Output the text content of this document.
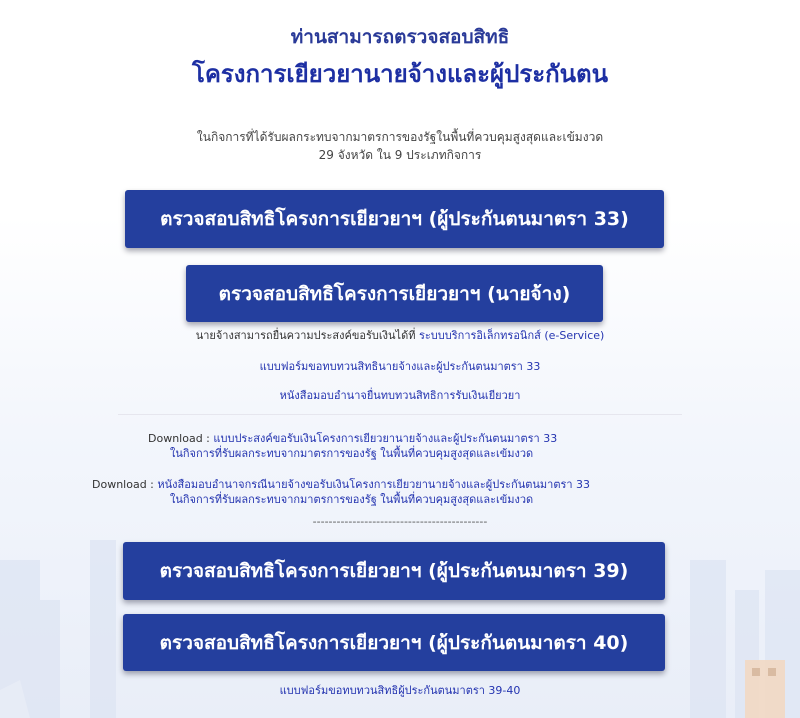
ท่านสามารถตรวจสอบสิทธิ
โครงการเยียวยานายจ้างและผู้ประกันตน
ในกิจการที่ได้รับผลกระทบจากมาตรการของรัฐในพื้นที่ควบคุมสูงสุดและเข้มงวด
29 จังหวัด ใน 9 ประเภทกิจการ
ตรวจสอบสิทธิโครงการเยียวยาฯ (ผู้ประกันตนมาตรา 33)
ตรวจสอบสิทธิโครงการเยียวยาฯ (นายจ้าง)
นายจ้างสามารถยื่นความประสงค์ขอรับเงินได้ที่ ระบบบริการอิเล็กทรอนิกส์ (e-Service)
แบบฟอร์มขอทบทวนสิทธินายจ้างและผู้ประกันตนมาตรา 33
หนังสือมอบอำนาจยื่นทบทวนสิทธิการรับเงินเยียวยา
Download : แบบประสงค์ขอรับเงินโครงการเยียวยานายจ้างและผู้ประกันตนมาตรา 33
ในกิจการที่รับผลกระทบจากมาตรการของรัฐ ในพื้นที่ควบคุมสูงสุดและเข้มงวด
Download : หนังสือมอบอำนาจกรณีนายจ้างขอรับเงินโครงการเยียวยานายจ้างและผู้ประกันตนมาตรา 33
ในกิจการที่รับผลกระทบจากมาตรการของรัฐ ในพื้นที่ควบคุมสูงสุดและเข้มงวด
--------------------------------------------
ตรวจสอบสิทธิโครงการเยียวยาฯ (ผู้ประกันตนมาตรา 39)
ตรวจสอบสิทธิโครงการเยียวยาฯ (ผู้ประกันตนมาตรา 40)
แบบฟอร์มขอทบทวนสิทธิผู้ประกันตนมาตรา 39-40
